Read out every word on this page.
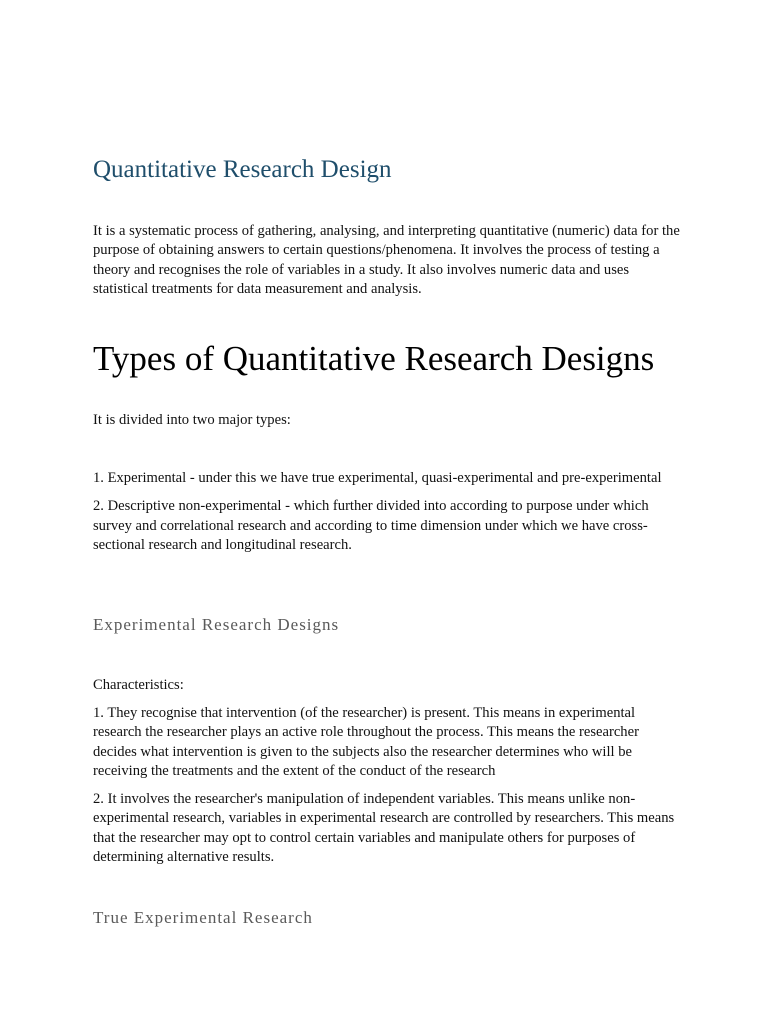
Quantitative Research Design

It is a systematic process of gathering, analysing, and interpreting quantitative (numeric) data for the purpose of obtaining answers to certain questions/phenomena. It involves the process of testing a theory and recognises the role of variables in a study. It also involves numeric data and uses statistical treatments for data measurement and analysis.

Types of Quantitative Research Designs

It is divided into two major types:

1. Experimental - under this we have true experimental, quasi-experimental and pre-experimental

2. Descriptive non-experimental - which further divided into according to purpose under which survey and correlational research and according to time dimension under which we have cross-sectional research and longitudinal research.

Experimental Research Designs

Characteristics:

1. They recognise that intervention (of the researcher) is present. This means in experimental research the researcher plays an active role throughout the process. This means the researcher decides what intervention is given to the subjects also the researcher determines who will be receiving the treatments and the extent of the conduct of the research

2. It involves the researcher's manipulation of independent variables. This means unlike non-experimental research, variables in experimental research are controlled by researchers. This means that the researcher may opt to control certain variables and manipulate others for purposes of determining alternative results.

True Experimental Research
